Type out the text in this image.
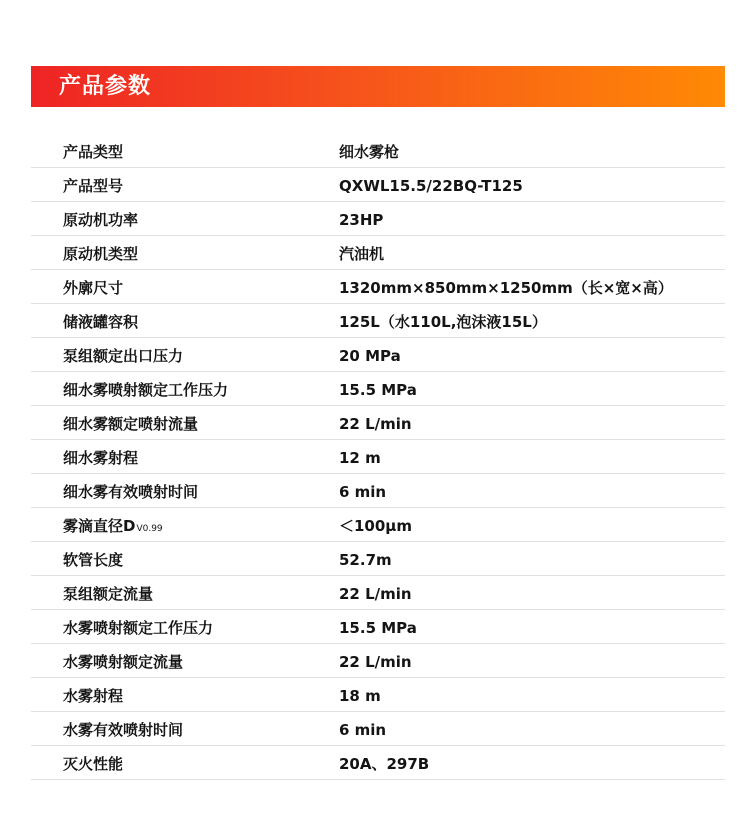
产品参数
产品类型	细水雾枪
产品型号	QXWL15.5/22BQ-T125
原动机功率	23HP
原动机类型	汽油机
外廓尺寸	1320mm×850mm×1250mm（长×宽×高）
储液罐容积	125L（水110L,泡沫液15L）
泵组额定出口压力	20 MPa
细水雾喷射额定工作压力	15.5 MPa
细水雾额定喷射流量	22 L/min
细水雾射程	12 m
细水雾有效喷射时间	6 min
雾滴直径DV0.99	＜100μm
软管长度	52.7m
泵组额定流量	22 L/min
水雾喷射额定工作压力	15.5 MPa
水雾喷射额定流量	22 L/min
水雾射程	18 m
水雾有效喷射时间	6 min
灭火性能	20A、297B
